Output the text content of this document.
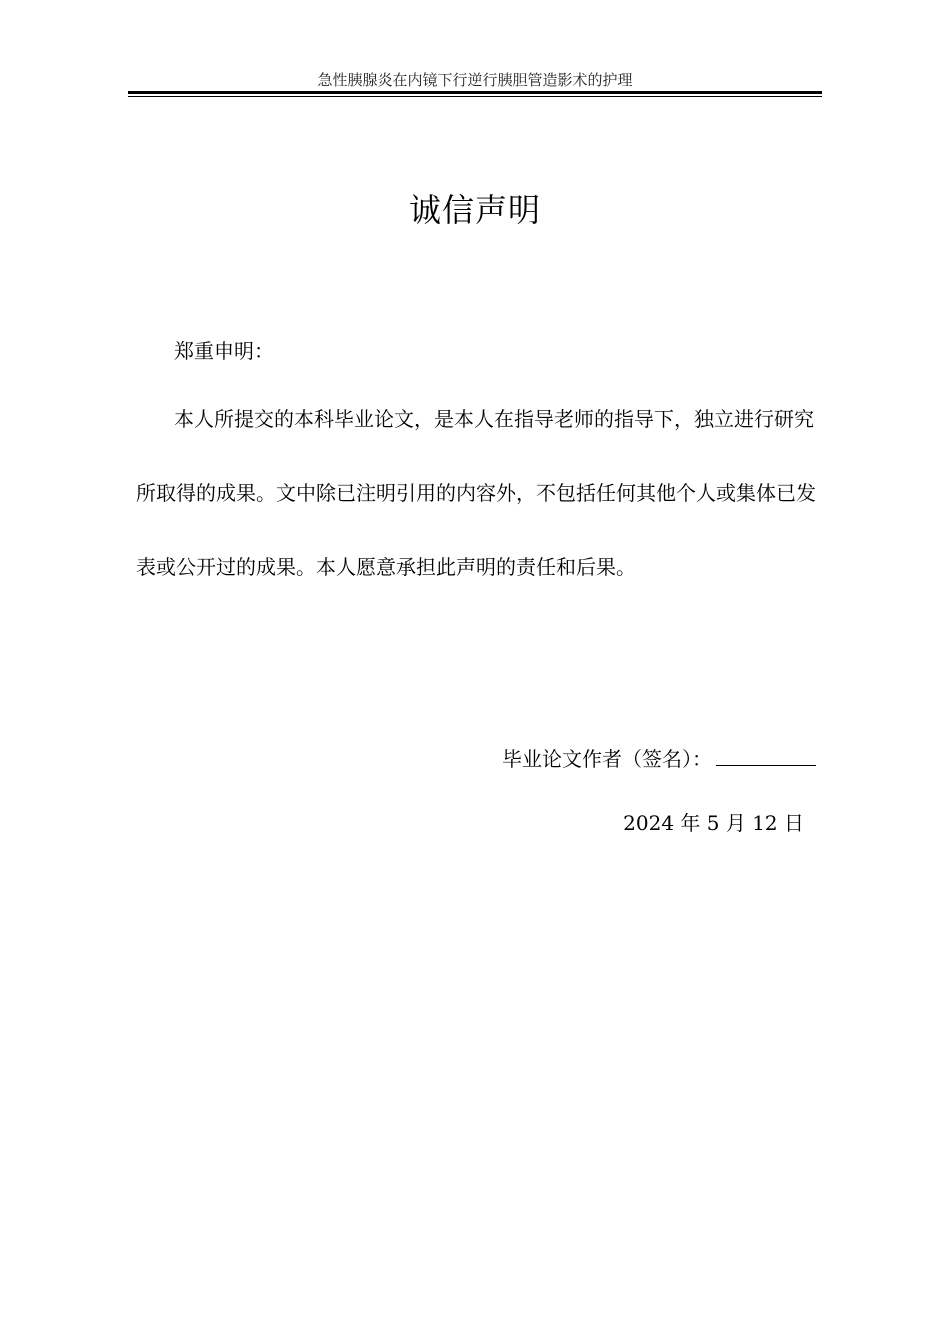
急性胰腺炎在内镜下行逆行胰胆管造影术的护理
诚信声明
郑重申明：

本人所提交的本科毕业论文，是本人在指导老师的指导下，独立进行研究所取得的成果。文中除已注明引用的内容外，不包括任何其他个人或集体已发表或公开过的成果。本人愿意承担此声明的责任和后果。

毕业论文作者（签名）：
2024 年 5 月 12 日
